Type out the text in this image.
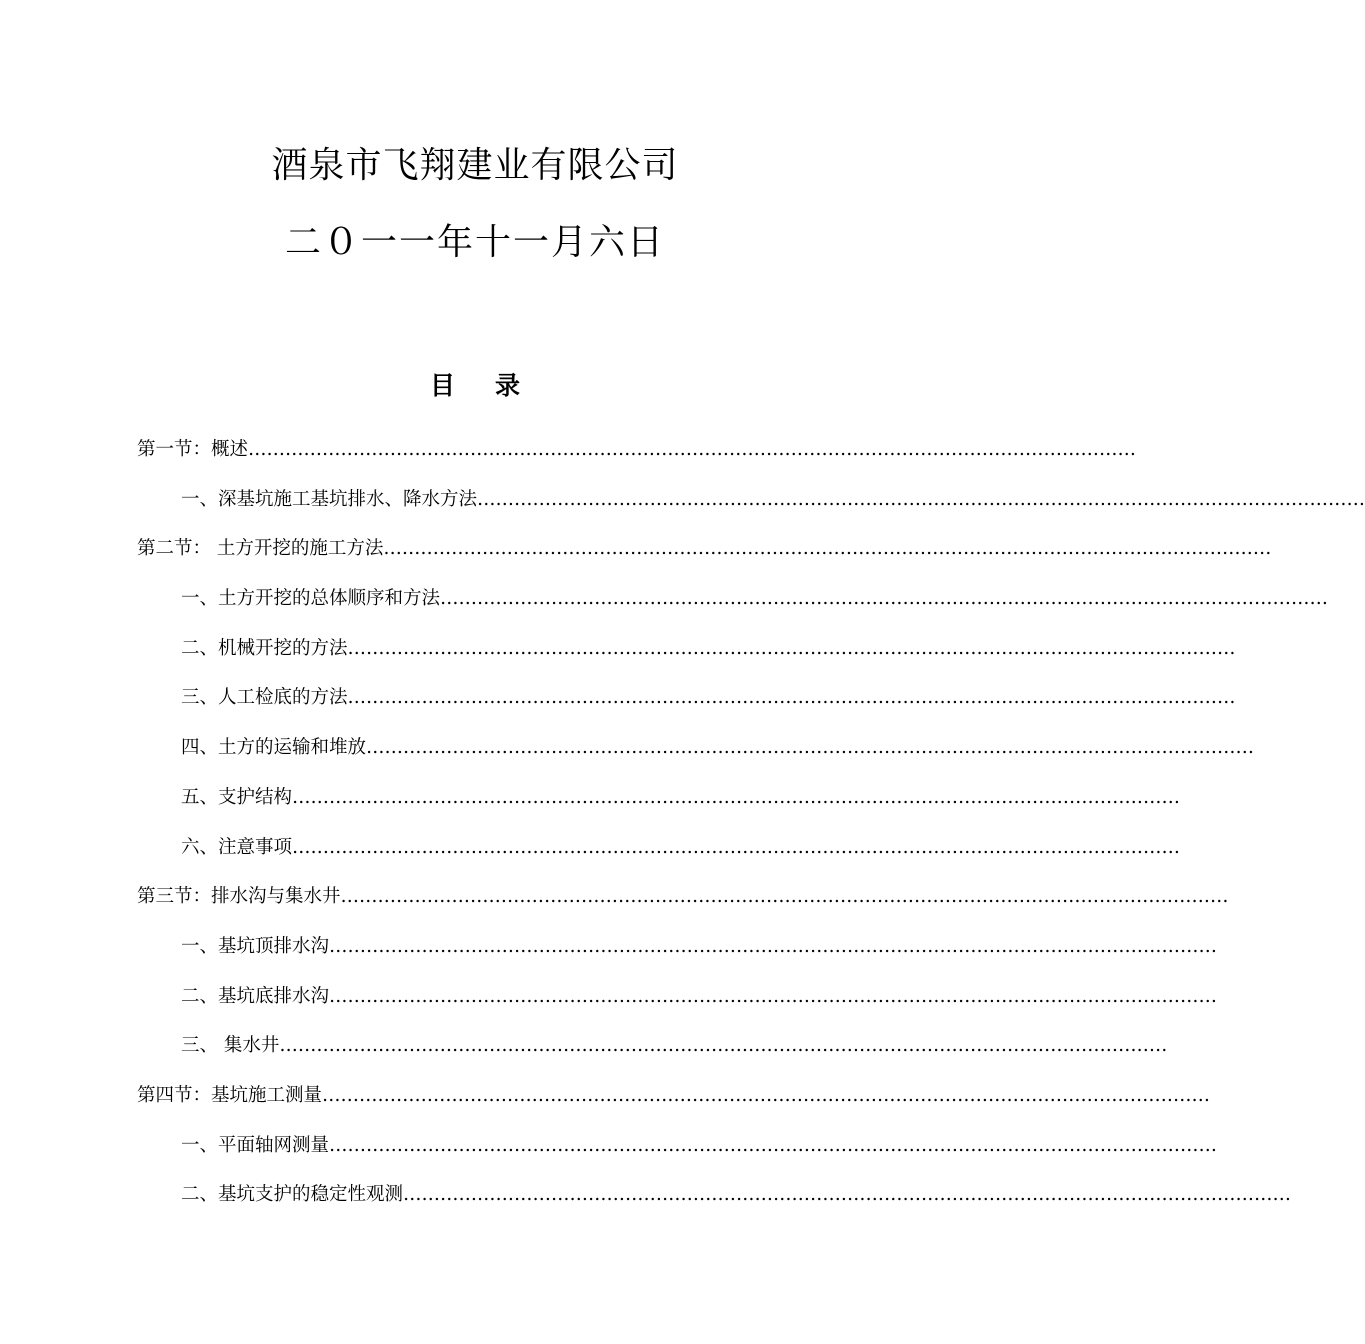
酒泉市飞翔建业有限公司
二０一一年十一月六日
目录
第一节：概述 ………………………………………………………………………………………………………………………………
一、深基坑施工基坑排水、降水方法 ………………………………………………………………………………………………………………………………
第二节： 土方开挖的施工方法 ………………………………………………………………………………………………………………………………
一、土方开挖的总体顺序和方法 ………………………………………………………………………………………………………………………………
二、机械开挖的方法 ………………………………………………………………………………………………………………………………
三、人工检底的方法 ………………………………………………………………………………………………………………………………
四、土方的运输和堆放 ………………………………………………………………………………………………………………………………
五、支护结构 ………………………………………………………………………………………………………………………………
六、注意事项 ………………………………………………………………………………………………………………………………
第三节：排水沟与集水井 ………………………………………………………………………………………………………………………………
一、基坑顶排水沟 ………………………………………………………………………………………………………………………………
二、基坑底排水沟 ………………………………………………………………………………………………………………………………
三、 集水井 ………………………………………………………………………………………………………………………………
第四节：基坑施工测量 ………………………………………………………………………………………………………………………………
一、平面轴网测量 ………………………………………………………………………………………………………………………………
二、基坑支护的稳定性观测 ………………………………………………………………………………………………………………………………
